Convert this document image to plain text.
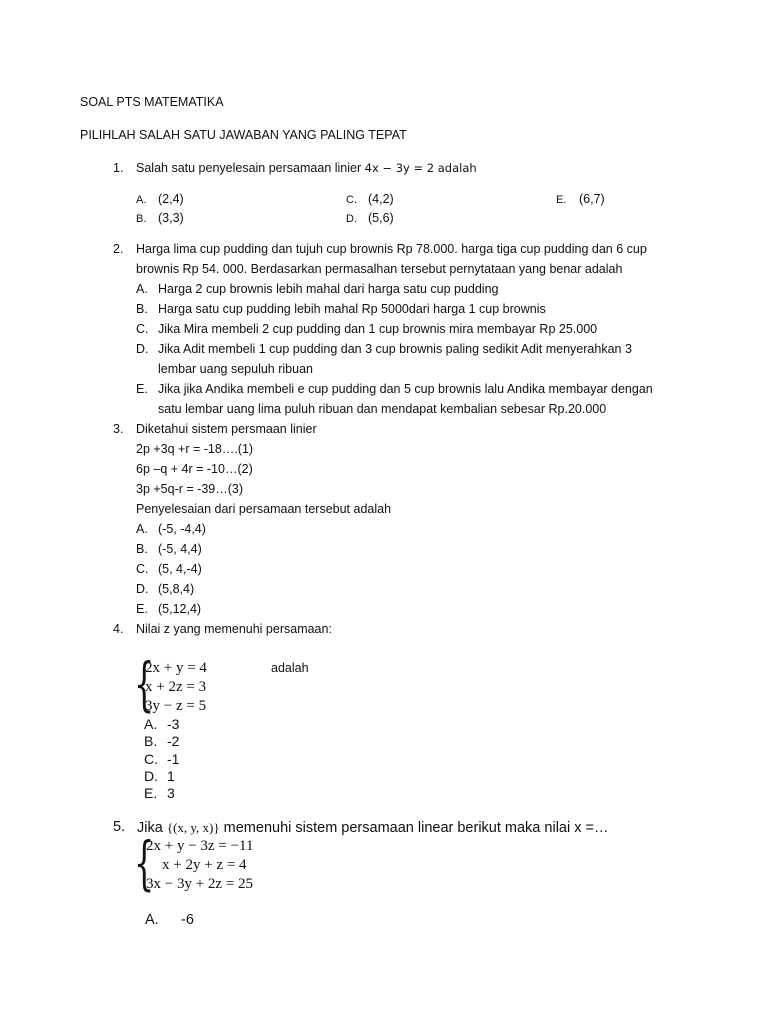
SOAL PTS MATEMATIKA
PILIHLAH SALAH SATU JAWABAN YANG PALING TEPAT
1. Salah satu penyelesain persamaan linier 4x − 3y = 2 adalah
A. (2,4)
B. (3,3)
C. (4,2)
D. (5,6)
E. (6,7)
2. Harga lima cup pudding dan tujuh cup brownis Rp 78.000. harga tiga cup pudding dan 6 cup
brownis Rp 54. 000. Berdasarkan permasalhan tersebut pernytataan yang benar adalah
A. Harga 2 cup brownis lebih mahal dari harga satu cup pudding
B. Harga satu cup pudding lebih mahal Rp 5000dari harga 1 cup brownis
C. Jika Mira membeli 2 cup pudding dan 1 cup brownis mira membayar Rp 25.000
D. Jika Adit membeli 1 cup pudding dan 3 cup brownis paling sedikit Adit menyerahkan 3
lembar uang sepuluh ribuan
E. Jika jika Andika membeli e cup pudding dan 5 cup brownis lalu Andika membayar dengan
satu lembar uang lima puluh ribuan dan mendapat kembalian sebesar Rp.20.000
3. Diketahui sistem persmaan linier
2p +3q +r = -18….(1)
6p –q + 4r = -10…(2)
3p +5q-r = -39…(3)
Penyelesaian dari persamaan tersebut adalah
A. (-5, -4,4)
B. (-5, 4,4)
C. (5, 4,-4)
D. (5,8,4)
E. (5,12,4)
4. Nilai z yang memenuhi persamaan:
{
2x + y = 4
x + 2z = 3
3y − z = 5
adalah
A. -3
B. -2
C. -1
D. 1
E. 3
5. Jika {(x, y, x)} memenuhi sistem persamaan linear berikut maka nilai x =…
{
2x + y − 3z = −11
x + 2y + z = 4
3x − 3y + 2z = 25
A. -6
